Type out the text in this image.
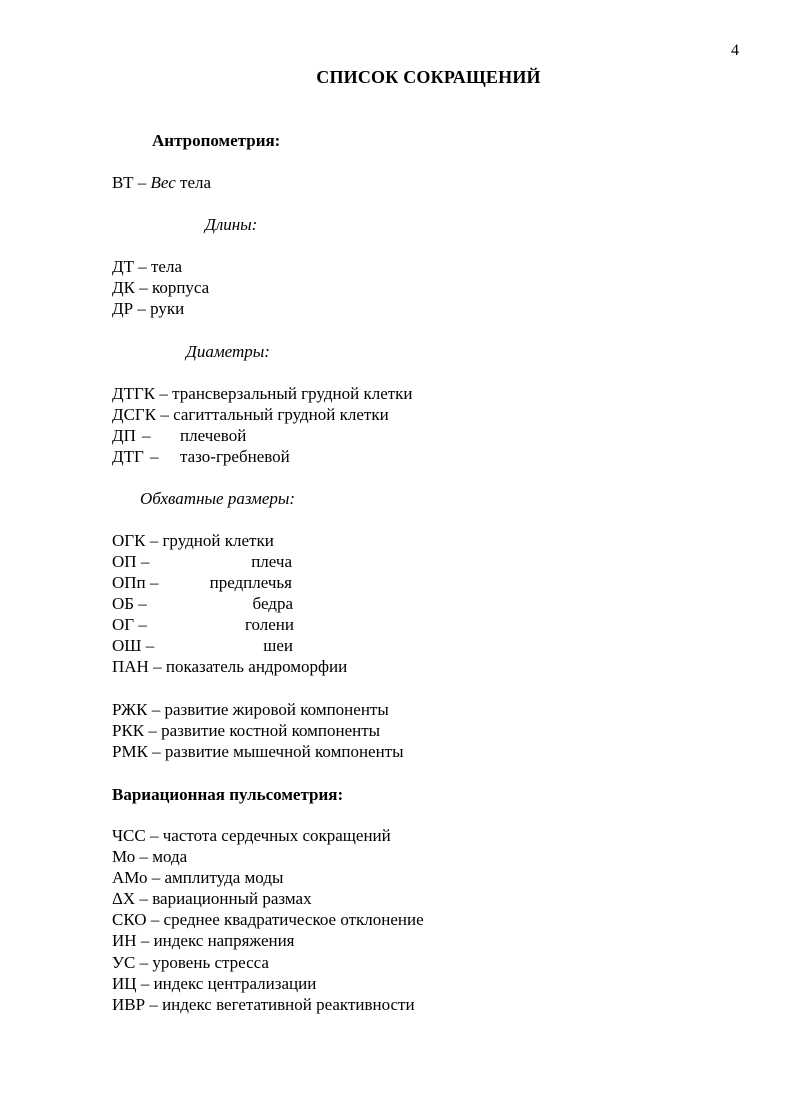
4
СПИСОК СОКРАЩЕНИЙ
Антропометрия:
ВТ – Вес тела
Длины:
ДТ – тела
ДК – корпуса
ДР – руки
Диаметры:
ДТГК – трансверзальный грудной клетки
ДСГК – сагиттальный грудной клетки
ДП – плечевой
ДТГ – тазо-гребневой
Обхватные размеры:
ОГК – грудной клетки
ОП –	плеча
ОПп –	предплечья
ОБ –	бедра
ОГ –	голени
ОШ –	шеи
ПАН – показатель андроморфии
РЖК – развитие жировой компоненты
РКК – развитие костной компоненты
РМК – развитие мышечной компоненты
Вариационная пульсометрия:
ЧСС – частота сердечных сокращений
Мо – мода
АМо – амплитуда моды
ΔХ – вариационный размах
СКО – среднее квадратическое отклонение
ИН – индекс напряжения
УС – уровень стресса
ИЦ – индекс централизации
ИВР – индекс вегетативной реактивности
